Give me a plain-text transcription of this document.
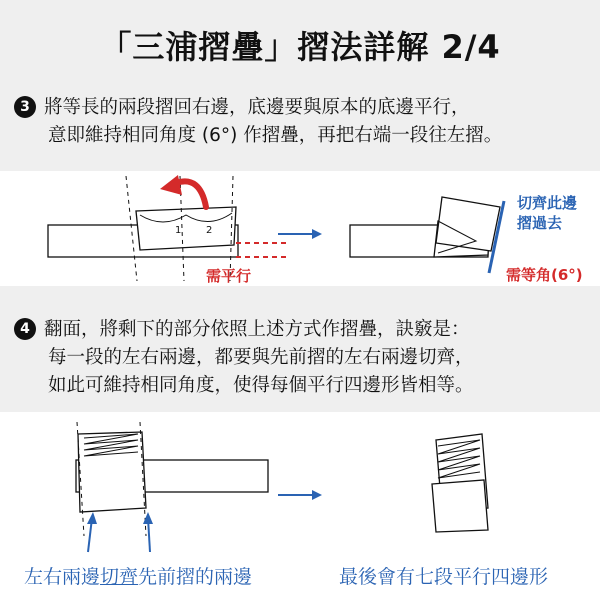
「三浦摺疊」摺法詳解 2/4
3 將等長的兩段摺回右邊，底邊要與原本的底邊平行，
意即維持相同角度 (6°) 作摺疊，再把右端一段往左摺。
1 2
需平行
切齊此邊
摺過去
需等角(6°)
4 翻面，將剩下的部分依照上述方式作摺疊，訣竅是：
每一段的左右兩邊，都要與先前摺的左右兩邊切齊，
如此可維持相同角度，使得每個平行四邊形皆相等。
左右兩邊切齊先前摺的兩邊	最後會有七段平行四邊形
